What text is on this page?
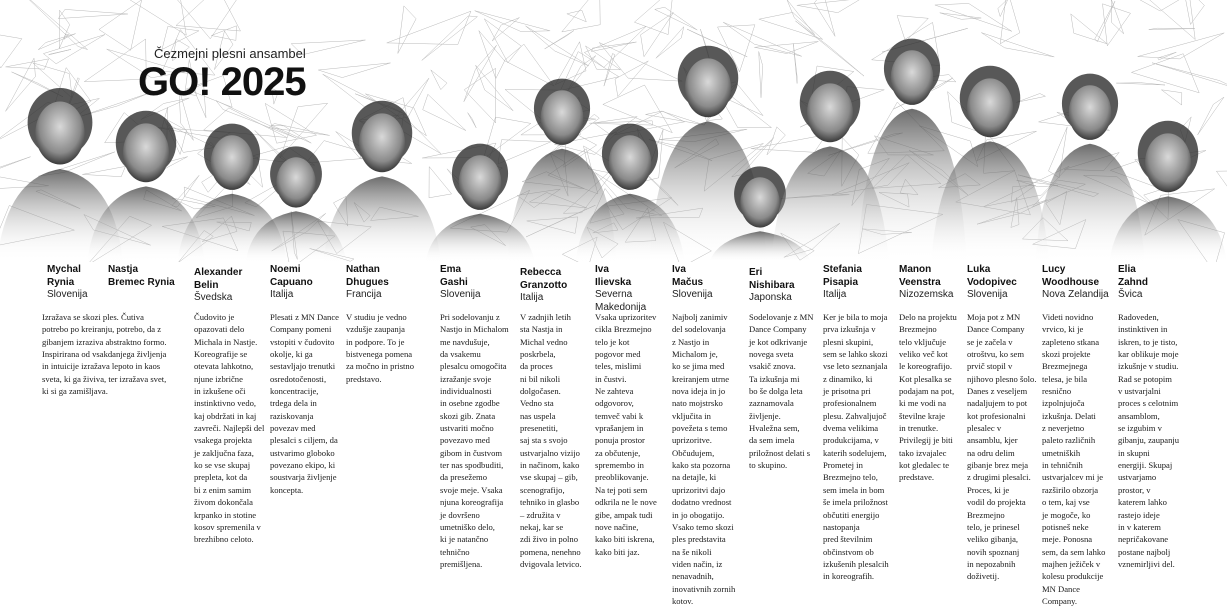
Čezmejni plesni ansambel
GO! 2025
Mychal
Rynia
Slovenija
Nastja
Bremec Rynia
Alexander
Belin
Švedska
Noemi
Capuano
Italija
Nathan
Dhugues
Francija
Ema
Gashi
Slovenija
Rebecca
Granzotto
Italija
Iva
Ilievska
Severna
Makedonija
Iva
Mačus
Slovenija
Eri
Nishibara
Japonska
Stefania
Pisapia
Italija
Manon
Veenstra
Nizozemska
Luka
Vodopivec
Slovenija
Lucy
Woodhouse
Nova Zelandija
Elia
Zahnd
Švica
Izražava se skozi ples. Čutiva
potrebo po kreiranju, potrebo, da z
gibanjem izraziva abstraktno formo.
Inspirirana od vsakdanjega življenja
in intuicije izražava lepoto in kaos
sveta, ki ga živiva, ter izražava svet,
ki si ga zamišljava.
Čudovito je
opazovati delo
Michala in Nastje.
Koreografije se
otevata lahkotno,
njune izbrične
in izkušene oči
instinktivno vedo,
kaj obdržati in kaj
zavreči. Najlepši del
vsakega projekta
je zaključna faza,
ko se vse skupaj
prepleta, kot da
bi z enim samim
živom dokončala
krpanko in stotine
kosov spremenila v
brezhibno celoto.
Plesati z MN Dance
Company pomeni
vstopiti v čudovito
okolje, ki ga
sestavljajo trenutki
osredotočenosti,
koncentracije,
trdega dela in
raziskovanja
povezav med
plesalci s ciljem, da
ustvarimo globoko
povezano ekipo, ki
soustvarja življenje
koncepta.
V studiu je vedno
vzdušje zaupanja
in podpore. To je
bistvenega pomena
za močno in pristno
predstavo.
Pri sodelovanju z
Nastjo in Michalom
me navdušuje,
da vsakemu
plesalcu omogočita
izražanje svoje
individualnosti
in osebne zgodbe
skozi gib. Znata
ustvariti močno
povezavo med
gibom in čustvom
ter nas spodbuditi,
da presežemo
svoje meje. Vsaka
njuna koreografija
je dovršeno
umetniško delo,
ki je natančno
tehnično
premišljena.
V zadnjih letih
sta Nastja in
Michal vedno
poskrbela,
da proces
ni bil nikoli
dolgočasen.
Vedno sta
nas uspela
presenetiti,
saj sta s svojo
ustvarjalno vizijo
in načinom, kako
vse skupaj – gib,
scenografijo,
tehniko in glasbo
– združita v
nekaj, kar se
zdi živo in polno
pomena, nenehno
dvigovala letvico.
Vsaka uprizoritev
cikla Brezmejno
telo je kot
pogovor med
teles, mislimi
in čustvi.
Ne zahteva
odgovorov,
temveč vabi k
vprašanjem in
ponuja prostor
za občutenje,
spremembo in
preoblikovanje.
Na tej poti sem
odkrila ne le nove
gibe, ampak tudi
nove načine,
kako biti iskrena,
kako biti jaz.
Najbolj zanimiv
del sodelovanja
z Nastjo in
Michalom je,
ko se jima med
kreiranjem utrne
nova ideja in jo
nato mojstrsko
vključita in
povežeta s temo
uprizoritve.
Občudujem,
kako sta pozorna
na detajle, ki
uprizoritvi dajo
dodatno vrednost
in jo obogatijo.
Vsako temo skozi
ples predstavita
na še nikoli
viden način, iz
nenavadnih,
inovativnih zornih
kotov.
Sodelovanje z MN
Dance Company
je kot odkrivanje
novega sveta
vsakič znova.
Ta izkušnja mi
bo še dolga leta
zaznamovala
življenje.
Hvaležna sem,
da sem imela
priložnost delati s
to skupino.
Ker je bila to moja
prva izkušnja v
plesni skupini,
sem se lahko skozi
vse leto seznanjala
z dinamiko, ki
je prisotna pri
profesionalnem
plesu. Zahvaljujoč
dvema velikima
produkcijama, v
katerih sodelujem,
Prometej in
Brezmejno telo,
sem imela in bom
še imela priložnost
občutiti energijo
nastopanja
pred številnim
občinstvom ob
izkušenih plesalcih
in koreografih.
Delo na projektu
Brezmejno
telo vključuje
veliko več kot
le koreografijo.
Kot plesalka se
podajam na pot,
ki me vodi na
številne kraje
in trenutke.
Privilegij je biti
tako izvajalec
kot gledalec te
predstave.
Moja pot z MN
Dance Company
se je začela v
otroštvu, ko sem
prvič stopil v
njihovo plesno šolo.
Danes z veseljem
nadaljujem to pot
kot profesionalni
plesalec v
ansamblu, kjer
na odru delim
gibanje brez meja
z drugimi plesalci.
Proces, ki je
vodil do projekta
Brezmejno
telo, je prinesel
veliko gibanja,
novih spoznanj
in nepozabnih
doživetij.
Videti novidno
vrvico, ki je
zapleteno stkana
skozi projekte
Brezmejnega
telesa, je bila
resnično
izpolnjujoča
izkušnja. Delati
z neverjetno
paleto različnih
umetniških
in tehničnih
ustvarjalcev mi je
razširilo obzorja
o tem, kaj vse
je mogoče, ko
potisneš neke
meje. Ponosna
sem, da sem lahko
majhen ježiček v
kolesu produkcije
MN Dance
Company.
Radoveden,
instinktiven in
iskren, to je tisto,
kar oblikuje moje
izkušnje v studiu.
Rad se potopim
v ustvarjalni
proces s celotnim
ansamblom,
se izgubim v
gibanju, zaupanju
in skupni
energiji. Skupaj
ustvarjamo
prostor, v
katerem lahko
rastejo ideje
in v katerem
nepričakovane
postane najbolj
vznemirljivi del.
